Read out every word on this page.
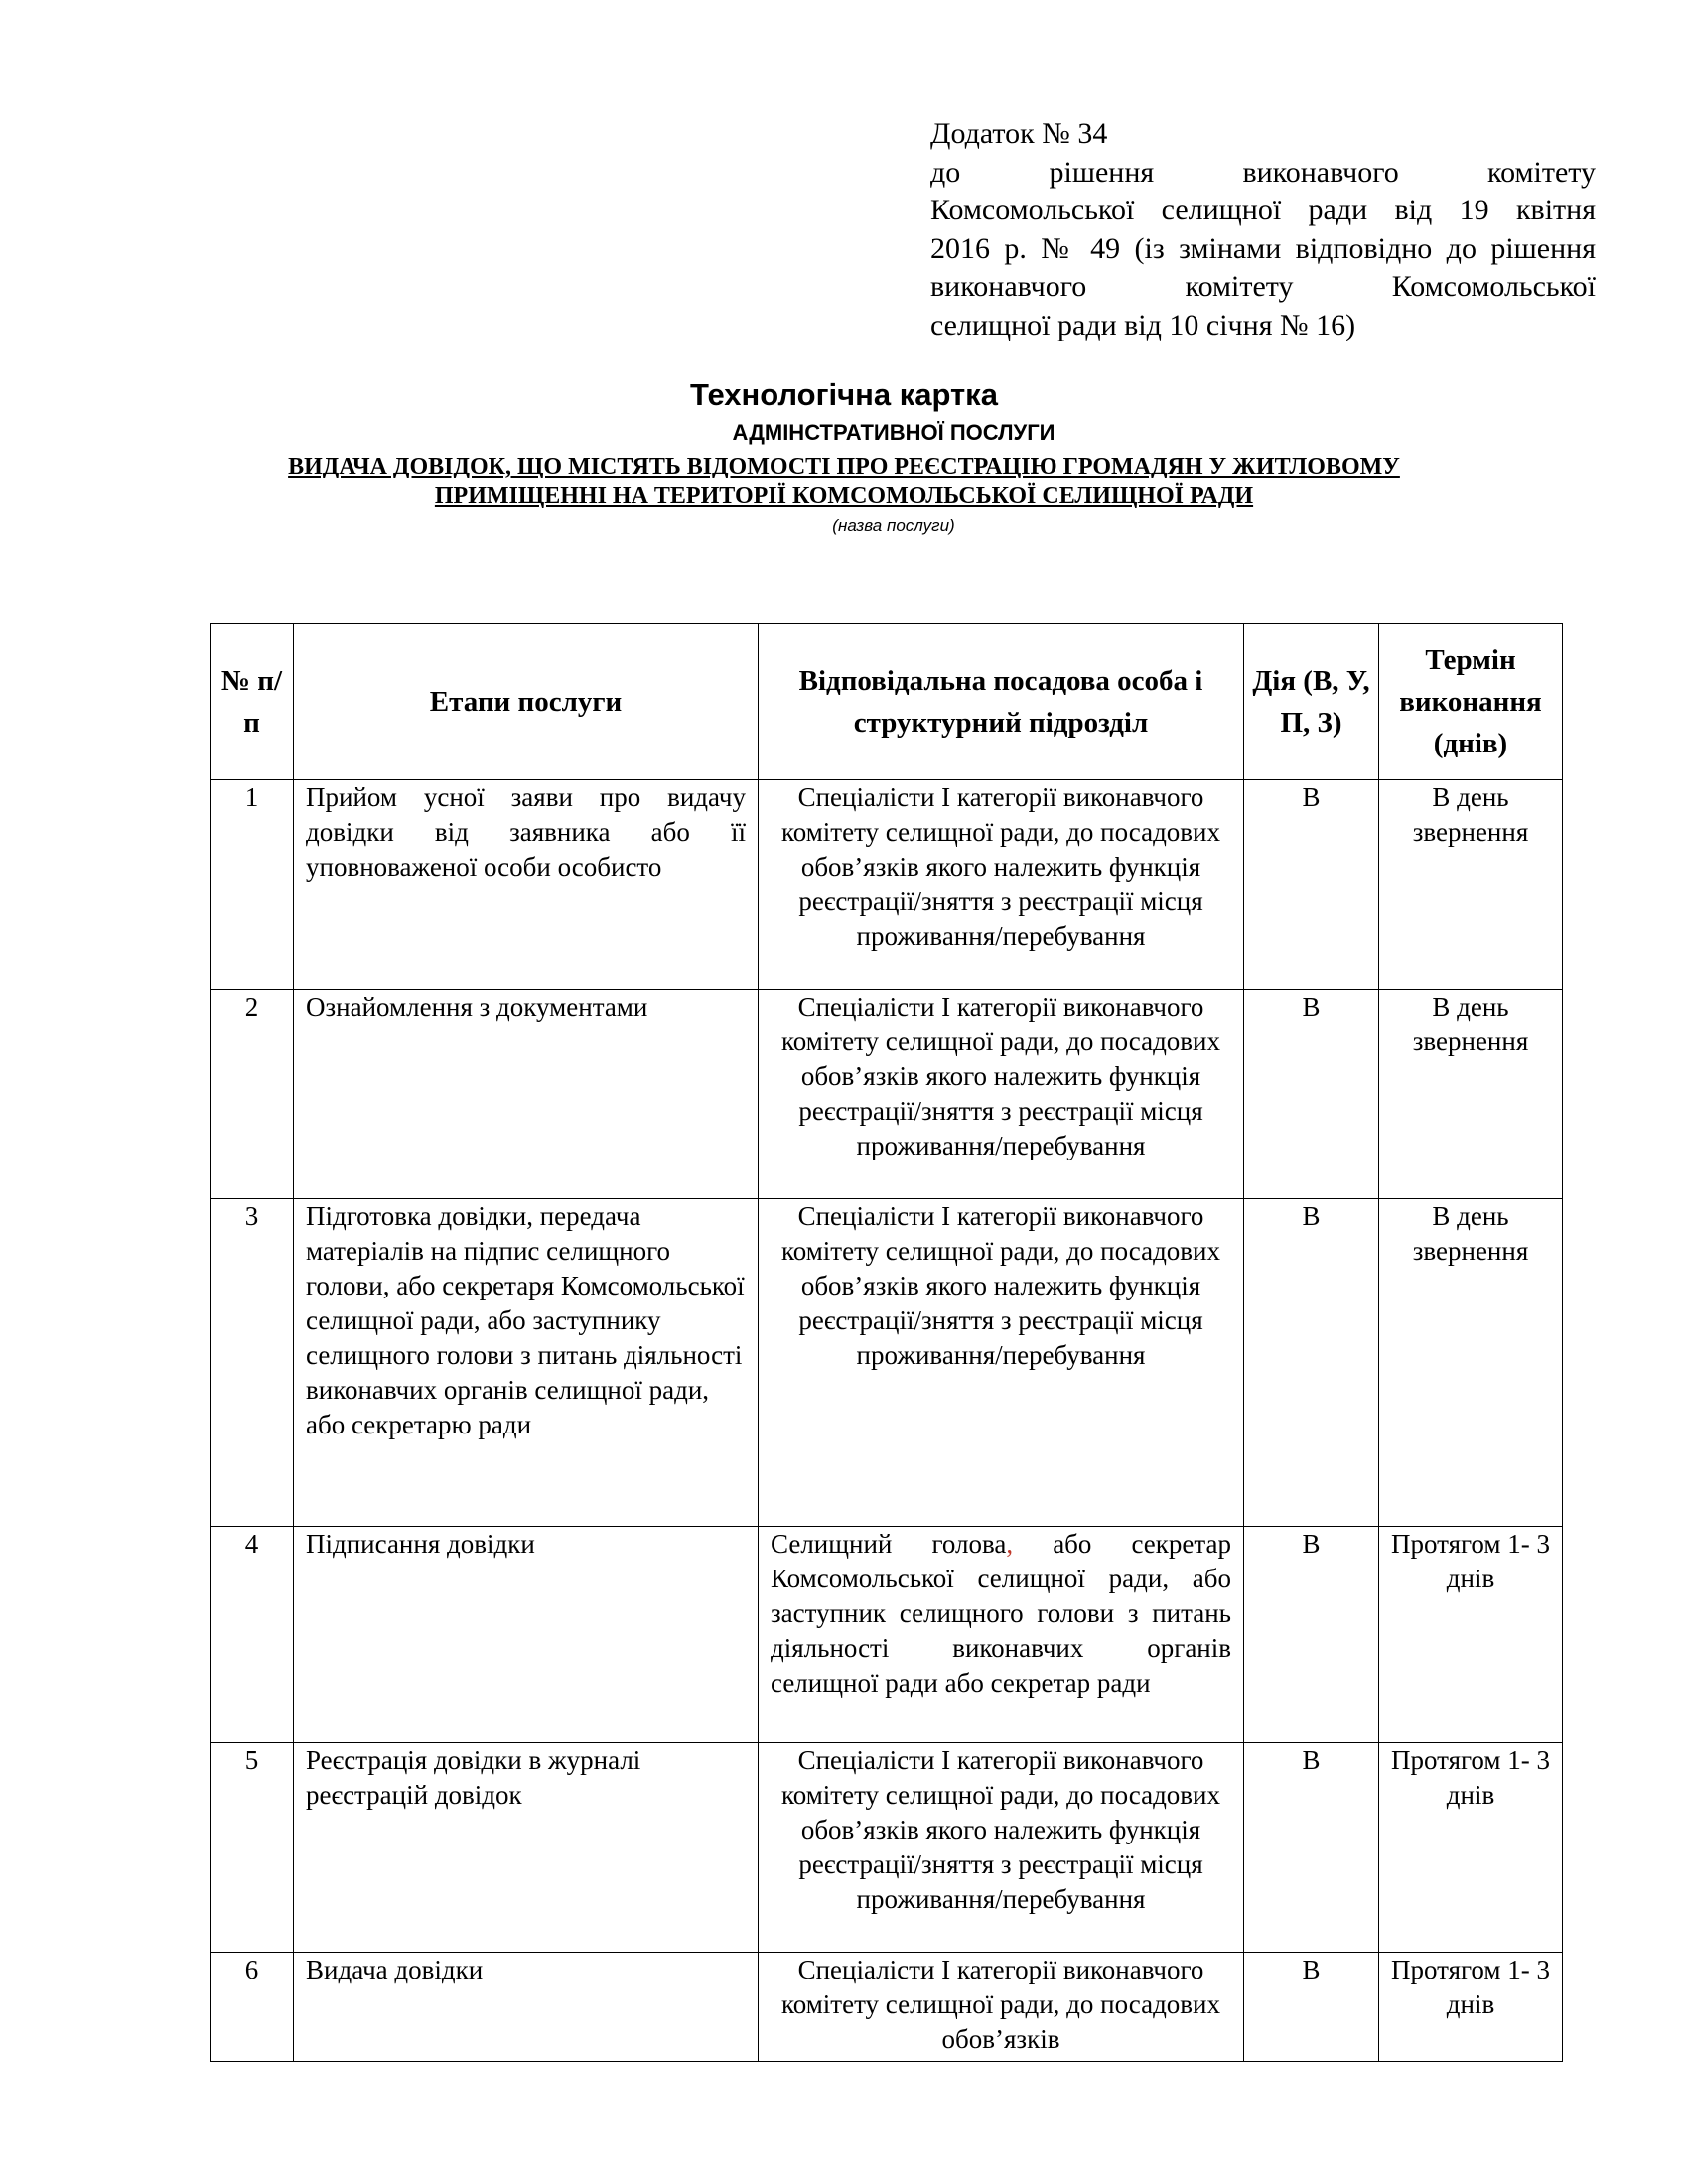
Додаток № 34
до рішення виконавчого комітету
Комсомольської селищної ради від 19 квітня
2016 р. № 49 (із змінами відповідно до рішення
виконавчого комітету Комсомольської
селищної ради від 10 січня № 16)
Технологічна картка
АДМІНСТРАТИВНОЇ ПОСЛУГИ
ВИДАЧА ДОВІДОК, ЩО МІСТЯТЬ ВІДОМОСТІ ПРО РЕЄСТРАЦІЮ ГРОМАДЯН У ЖИТЛОВОМУ
ПРИМІЩЕННІ НА ТЕРИТОРІЇ КОМСОМОЛЬСЬКОЇ СЕЛИЩНОЇ РАДИ
(назва послуги)
№ п/п	Етапи послуги	Відповідальна посадова особа і структурний підрозділ	Дія (В, У, П, З)	Термін виконання (днів)
1	Прийом усної заяви про видачу довідки від заявника або її уповноваженої особи особисто	Спеціалісти І категорії виконавчого комітету селищної ради, до посадових обов’язків якого належить функція реєстрації/зняття з реєстрації місця проживання/перебування	В	В день звернення
2	Ознайомлення з документами	Спеціалісти І категорії виконавчого комітету селищної ради, до посадових обов’язків якого належить функція реєстрації/зняття з реєстрації місця проживання/перебування	В	В день звернення
3	Підготовка довідки, передача матеріалів на підпис селищного голови, або секретаря Комсомольської селищної ради, або заступнику селищного голови з питань діяльності виконавчих органів селищної ради, або секретарю ради	Спеціалісти І категорії виконавчого комітету селищної ради, до посадових обов’язків якого належить функція реєстрації/зняття з реєстрації місця проживання/перебування	В	В день звернення
4	Підписання довідки	Селищний голова, або секретар Комсомольської селищної ради, або заступник селищного голови з питань діяльності виконавчих органів селищної ради або секретар ради	В	Протягом 1- 3 днів
5	Реєстрація довідки в журналі реєстрацій довідок	Спеціалісти І категорії виконавчого комітету селищної ради, до посадових обов’язків якого належить функція реєстрації/зняття з реєстрації місця проживання/перебування	В	Протягом 1- 3 днів
6	Видача довідки	Спеціалісти І категорії виконавчого комітету селищної ради, до посадових обов’язків	В	Протягом 1- 3 днів
